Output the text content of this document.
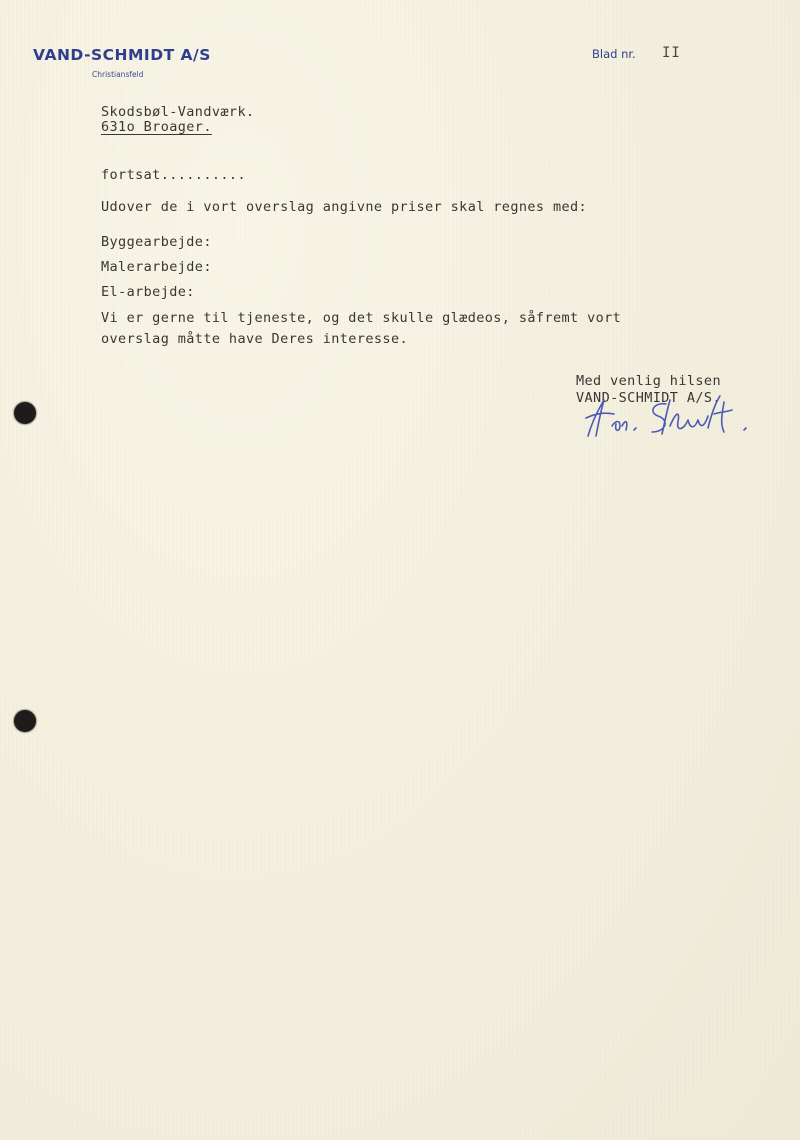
VAND-SCHMIDT A/S
Christiansfeld
Blad nr. II
Skodsbøl-Vandværk.
631o Broager.
fortsat..........
Udover de i vort overslag angivne priser skal regnes med:
Byggearbejde:
Malerarbejde:
El-arbejde:
Vi er gerne til tjeneste, og det skulle glædeos, såfremt vort
overslag måtte have Deres interesse.
Med venlig hilsen
VAND-SCHMIDT A/S.
